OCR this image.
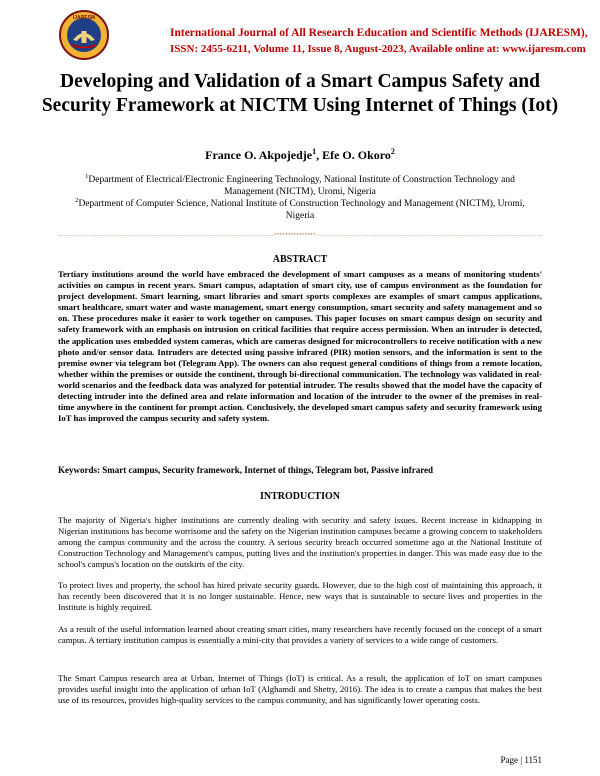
IJARESM
International Journal of All Research Education and Scientific Methods (IJARESM),
ISSN: 2455-6211, Volume 11, Issue 8, August-2023, Available online at: www.ijaresm.com
Developing and Validation of a Smart Campus Safety and Security Framework at NICTM Using Internet of Things (Iot)
France O. Akpojedje$^1$, Efe O. Okoro$^2$
$^1$Department of Electrical/Electronic Engineering Technology, National Institute of Construction Technology and Management (NICTM), Uromi, Nigeria
$^2$Department of Computer Science, National Institute of Construction Technology and Management (NICTM), Uromi, Nigeria
-----------------------------------------------------------------------------***************---------------------------------------------------------------------------------
ABSTRACT
Tertiary institutions around the world have embraced the development of smart campuses as a means of monitoring students' activities on campus in recent years. Smart campus, adaptation of smart city, use of campus environment as the foundation for project development. Smart learning, smart libraries and smart sports complexes are examples of smart campus applications, smart healthcare, smart water and waste management, smart energy consumption, smart security and safety management and so on. These procedures make it easier to work together on campuses. This paper focuses on smart campus design on security and safety framework with an emphasis on intrusion on critical facilities that require access permission. When an intruder is detected, the application uses embedded system cameras, which are cameras designed for microcontrollers to receive notification with a new photo and/or sensor data. Intruders are detected using passive infrared (PIR) motion sensors, and the information is sent to the premise owner via telegram bot (Telegram App). The owners can also request general conditions of things from a remote location, whether within the premises or outside the continent, through bi-directional communication. The technology was validated in real-world scenarios and the feedback data was analyzed for potential intruder. The results showed that the model have the capacity of detecting intruder into the defined area and relate information and location of the intruder to the owner of the premises in real-time anywhere in the continent for prompt action. Conclusively, the developed smart campus safety and security framework using IoT has improved the campus security and safety system.
Keywords: Smart campus, Security framework, Internet of things, Telegram bot, Passive infrared
INTRODUCTION
The majority of Nigeria's higher institutions are currently dealing with security and safety issues. Recent increase in kidnapping in Nigerian institutions has become worrisome and the safety on the Nigerian institution campuses became a growing concern to stakeholders among the campus community and the across the country. A serious security breach occurred sometime ago at the National Institute of Construction Technology and Management's campus, putting lives and the institution's properties in danger. This was made easy due to the school's campus's location on the outskirts of the city.
To protect lives and property, the school has hired private security guards. However, due to the high cost of maintaining this approach, it has recently been discovered that it is no longer sustainable. Hence, new ways that is sustainable to secure lives and properties in the Institute is highly required.
As a result of the useful information learned about creating smart cities, many researchers have recently focused on the concept of a smart campus. A tertiary institution campus is essentially a mini-city that provides a variety of services to a wide range of customers.
The Smart Campus research area at Urban, Internet of Things (IoT) is critical. As a result, the application of IoT on smart campuses provides useful insight into the application of urban IoT (Alghamdi and Shetty, 2016). The idea is to create a campus that makes the best use of its resources, provides high-quality services to the campus community, and has significantly lower operating costs.
Page | 1151
